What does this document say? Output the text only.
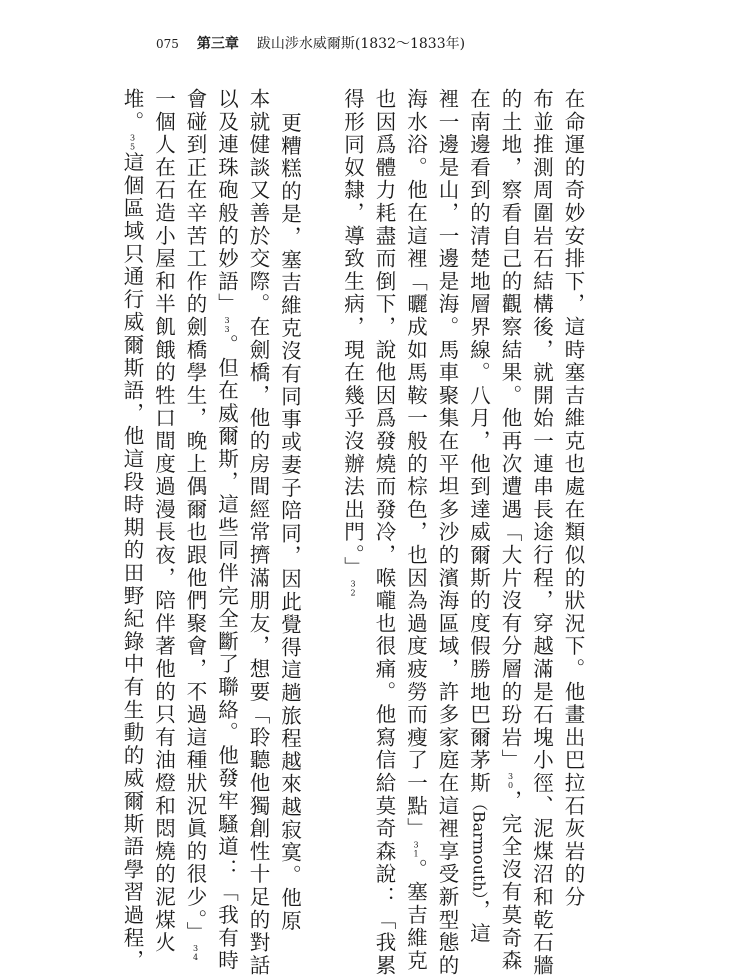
075 第三章 跋山涉水威爾斯(1832〜1833年)
在命運的奇妙安排下，這時塞吉維克也處在類似的狀況下。他畫出巴拉石灰岩的分
布並推測周圍岩石結構後，就開始一連串長途行程，穿越滿是石塊小徑、泥煤沼和乾石牆
的土地，察看自己的觀察結果。他再次遭遇「大片沒有分層的玢岩」30，完全沒有莫奇森
在南邊看到的清楚地層界線。八月，他到達威爾斯的度假勝地巴爾茅斯（Barmouth），這
裡一邊是山，一邊是海。馬車聚集在平坦多沙的濱海區域，許多家庭在這裡享受新型態的
海水浴。他在這裡「曬成如馬鞍一般的棕色，也因為過度疲勞而瘦了一點」31。塞吉維克
也因爲體力耗盡而倒下，說他因爲發燒而發冷，喉嚨也很痛。他寫信給莫奇森說：「我累
得形同奴隸，導致生病，現在幾乎沒辦法出門。」32
更糟糕的是，塞吉維克沒有同事或妻子陪同，因此覺得這趟旅程越來越寂寞。他原
本就健談又善於交際。在劍橋，他的房間經常擠滿朋友，想要「聆聽他獨創性十足的對話
以及連珠砲般的妙語」33。但在威爾斯，這些同伴完全斷了聯絡。他發牢騷道：「我有時
會碰到正在辛苦工作的劍橋學生，晚上偶爾也跟他們聚會，不過這種狀況眞的很少。」34
一個人在石造小屋和半飢餓的牲口間度過漫長夜，陪伴著他的只有油燈和悶燒的泥煤火
堆。35這個區域只通行威爾斯語，他這段時期的田野紀錄中有生動的威爾斯語學習過程，
